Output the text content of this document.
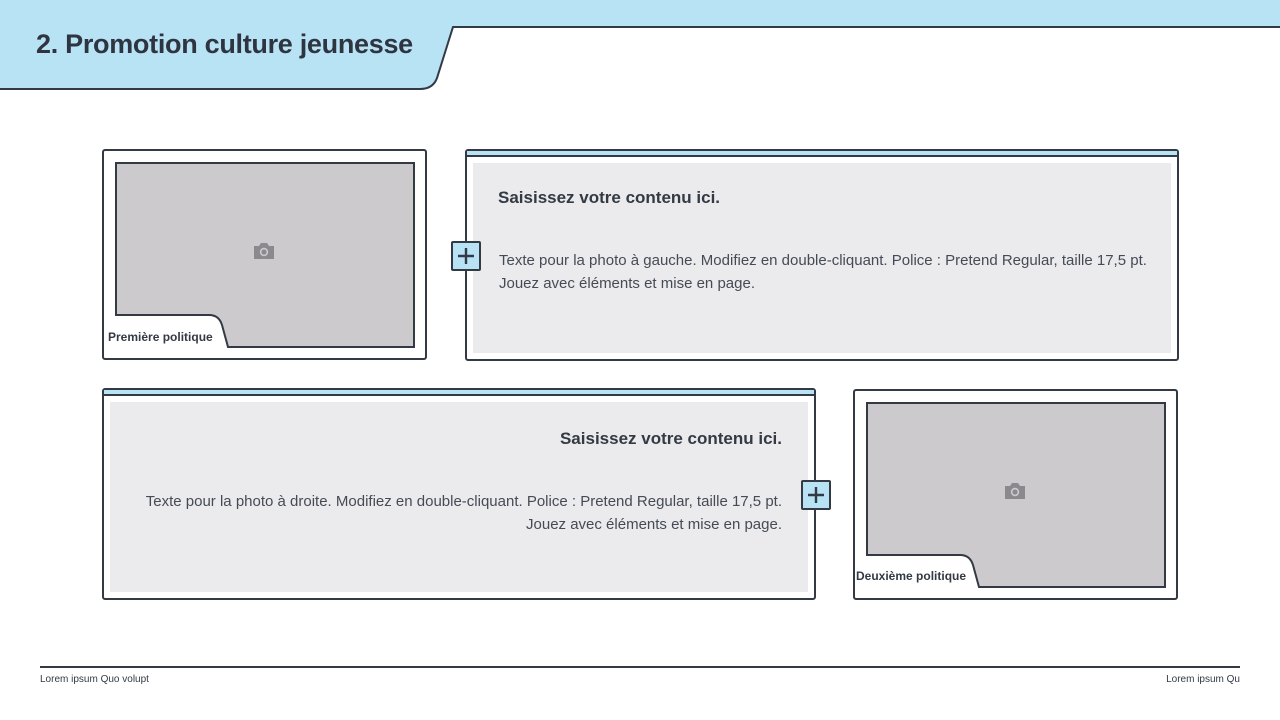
2. Promotion culture jeunesse
Première politique
Saisissez votre contenu ici.
Texte pour la photo à gauche. Modifiez en double-cliquant. Police : Pretend Regular, taille 17,5 pt. Jouez avec éléments et mise en page.
Saisissez votre contenu ici.
Texte pour la photo à droite. Modifiez en double-cliquant. Police : Pretend Regular, taille 17,5 pt. Jouez avec éléments et mise en page.
Deuxième politique
Lorem ipsum Quo volupt	Lorem ipsum Qu
